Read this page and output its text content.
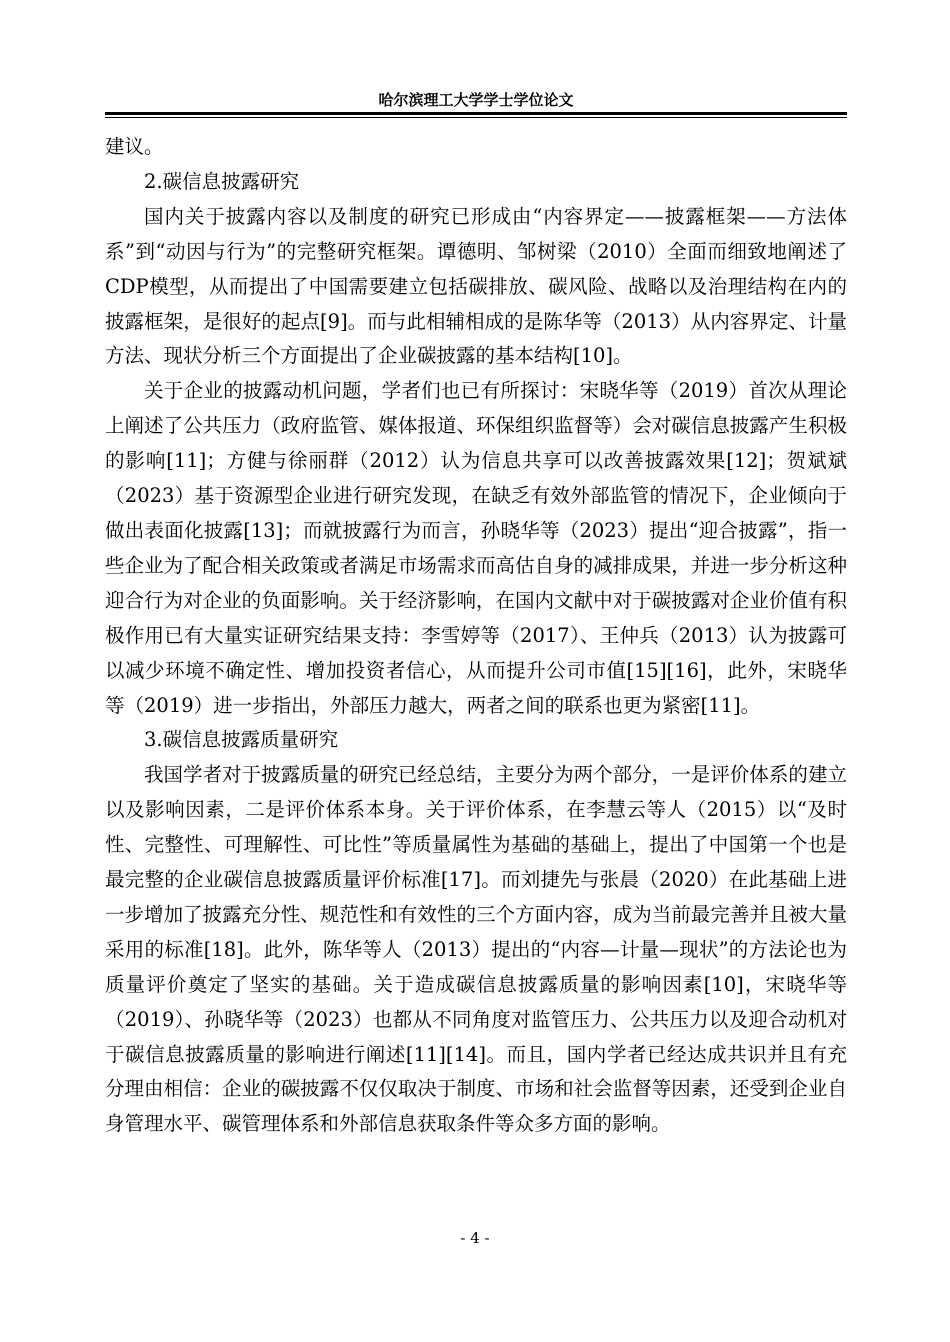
哈尔滨理工大学学士学位论文

建议。

2.碳信息披露研究

国内关于披露内容以及制度的研究已形成由“内容界定——披露框架——方法体系”到“动因与行为”的完整研究框架。谭德明、邹树梁（2010）全面而细致地阐述了CDP模型，从而提出了中国需要建立包括碳排放、碳风险、战略以及治理结构在内的披露框架，是很好的起点[9]。而与此相辅相成的是陈华等（2013）从内容界定、计量方法、现状分析三个方面提出了企业碳披露的基本结构[10]。

关于企业的披露动机问题，学者们也已有所探讨：宋晓华等（2019）首次从理论上阐述了公共压力（政府监管、媒体报道、环保组织监督等）会对碳信息披露产生积极的影响[11]；方健与徐丽群（2012）认为信息共享可以改善披露效果[12]；贺斌斌（2023）基于资源型企业进行研究发现，在缺乏有效外部监管的情况下，企业倾向于做出表面化披露[13]；而就披露行为而言，孙晓华等（2023）提出“迎合披露”，指一些企业为了配合相关政策或者满足市场需求而高估自身的减排成果，并进一步分析这种迎合行为对企业的负面影响。关于经济影响，在国内文献中对于碳披露对企业价值有积极作用已有大量实证研究结果支持：李雪婷等（2017）、王仲兵（2013）认为披露可以减少环境不确定性、增加投资者信心，从而提升公司市值[15][16]，此外，宋晓华等（2019）进一步指出，外部压力越大，两者之间的联系也更为紧密[11]。

3.碳信息披露质量研究

我国学者对于披露质量的研究已经总结，主要分为两个部分，一是评价体系的建立以及影响因素，二是评价体系本身。关于评价体系，在李慧云等人（2015）以“及时性、完整性、可理解性、可比性”等质量属性为基础的基础上，提出了中国第一个也是最完整的企业碳信息披露质量评价标准[17]。而刘捷先与张晨（2020）在此基础上进一步增加了披露充分性、规范性和有效性的三个方面内容，成为当前最完善并且被大量采用的标准[18]。此外，陈华等人（2013）提出的“内容—计量—现状”的方法论也为质量评价奠定了坚实的基础。关于造成碳信息披露质量的影响因素[10]，宋晓华等（2019）、孙晓华等（2023）也都从不同角度对监管压力、公共压力以及迎合动机对于碳信息披露质量的影响进行阐述[11][14]。而且，国内学者已经达成共识并且有充分理由相信：企业的碳披露不仅仅取决于制度、市场和社会监督等因素，还受到企业自身管理水平、碳管理体系和外部信息获取条件等众多方面的影响。

- 4 -
